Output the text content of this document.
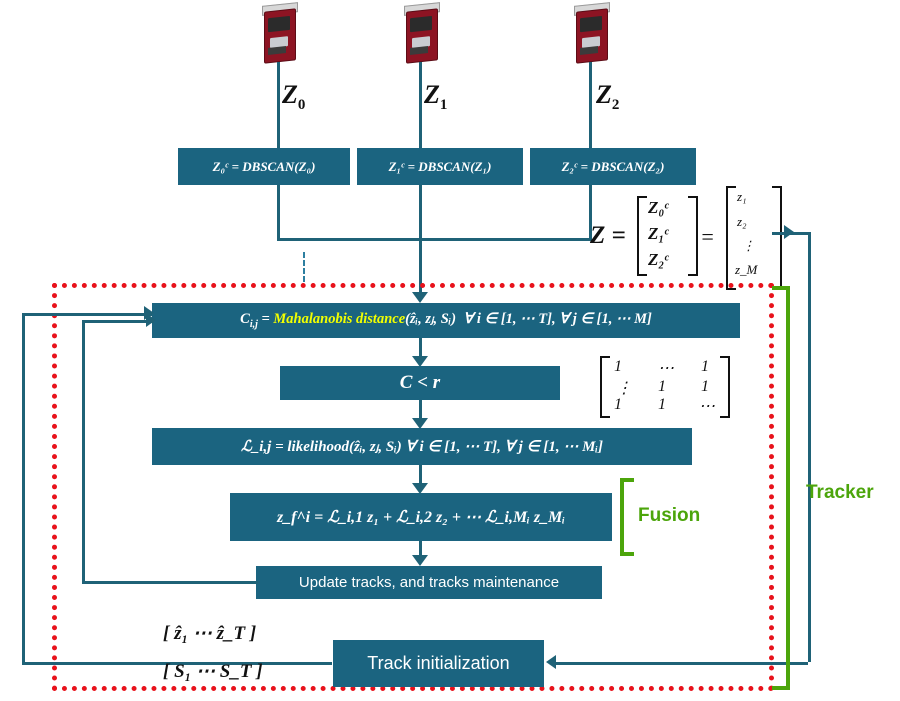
$Z_0$	$Z_1$	$Z_2$
Z₀ᶜ = DBSCAN(Z₀)	Z₁ᶜ = DBSCAN(Z₁)	Z₂ᶜ = DBSCAN(Z₂)
Z =
Z₀ᶜ
Z₁ᶜ
Z₂ᶜ
=
z₁
z₂
⋮
z_M
$C_{i,j}$ = Mahalanobis distance(ẑᵢ, zⱼ, Sᵢ) ∀ i ∈ [1, ⋯ T], ∀ j ∈ [1, ⋯ M]
C < r
1 ⋯ 1
⋮ 1 1
1 1 ⋯
ℒ_i,j = likelihood(ẑᵢ, zⱼ, Sᵢ) ∀ i ∈ [1, ⋯ T], ∀ j ∈ [1, ⋯ Mᵢ]
z_f^i = ℒ_i,1 z₁ + ℒ_i,2 z₂ + ⋯ ℒ_i,Mᵢ z_Mᵢ	Fusion
Update tracks, and tracks maintenance
Track initialization
[ ẑ₁ ⋯ ẑ_T ]
[ S₁ ⋯ S_T ]
Tracker
